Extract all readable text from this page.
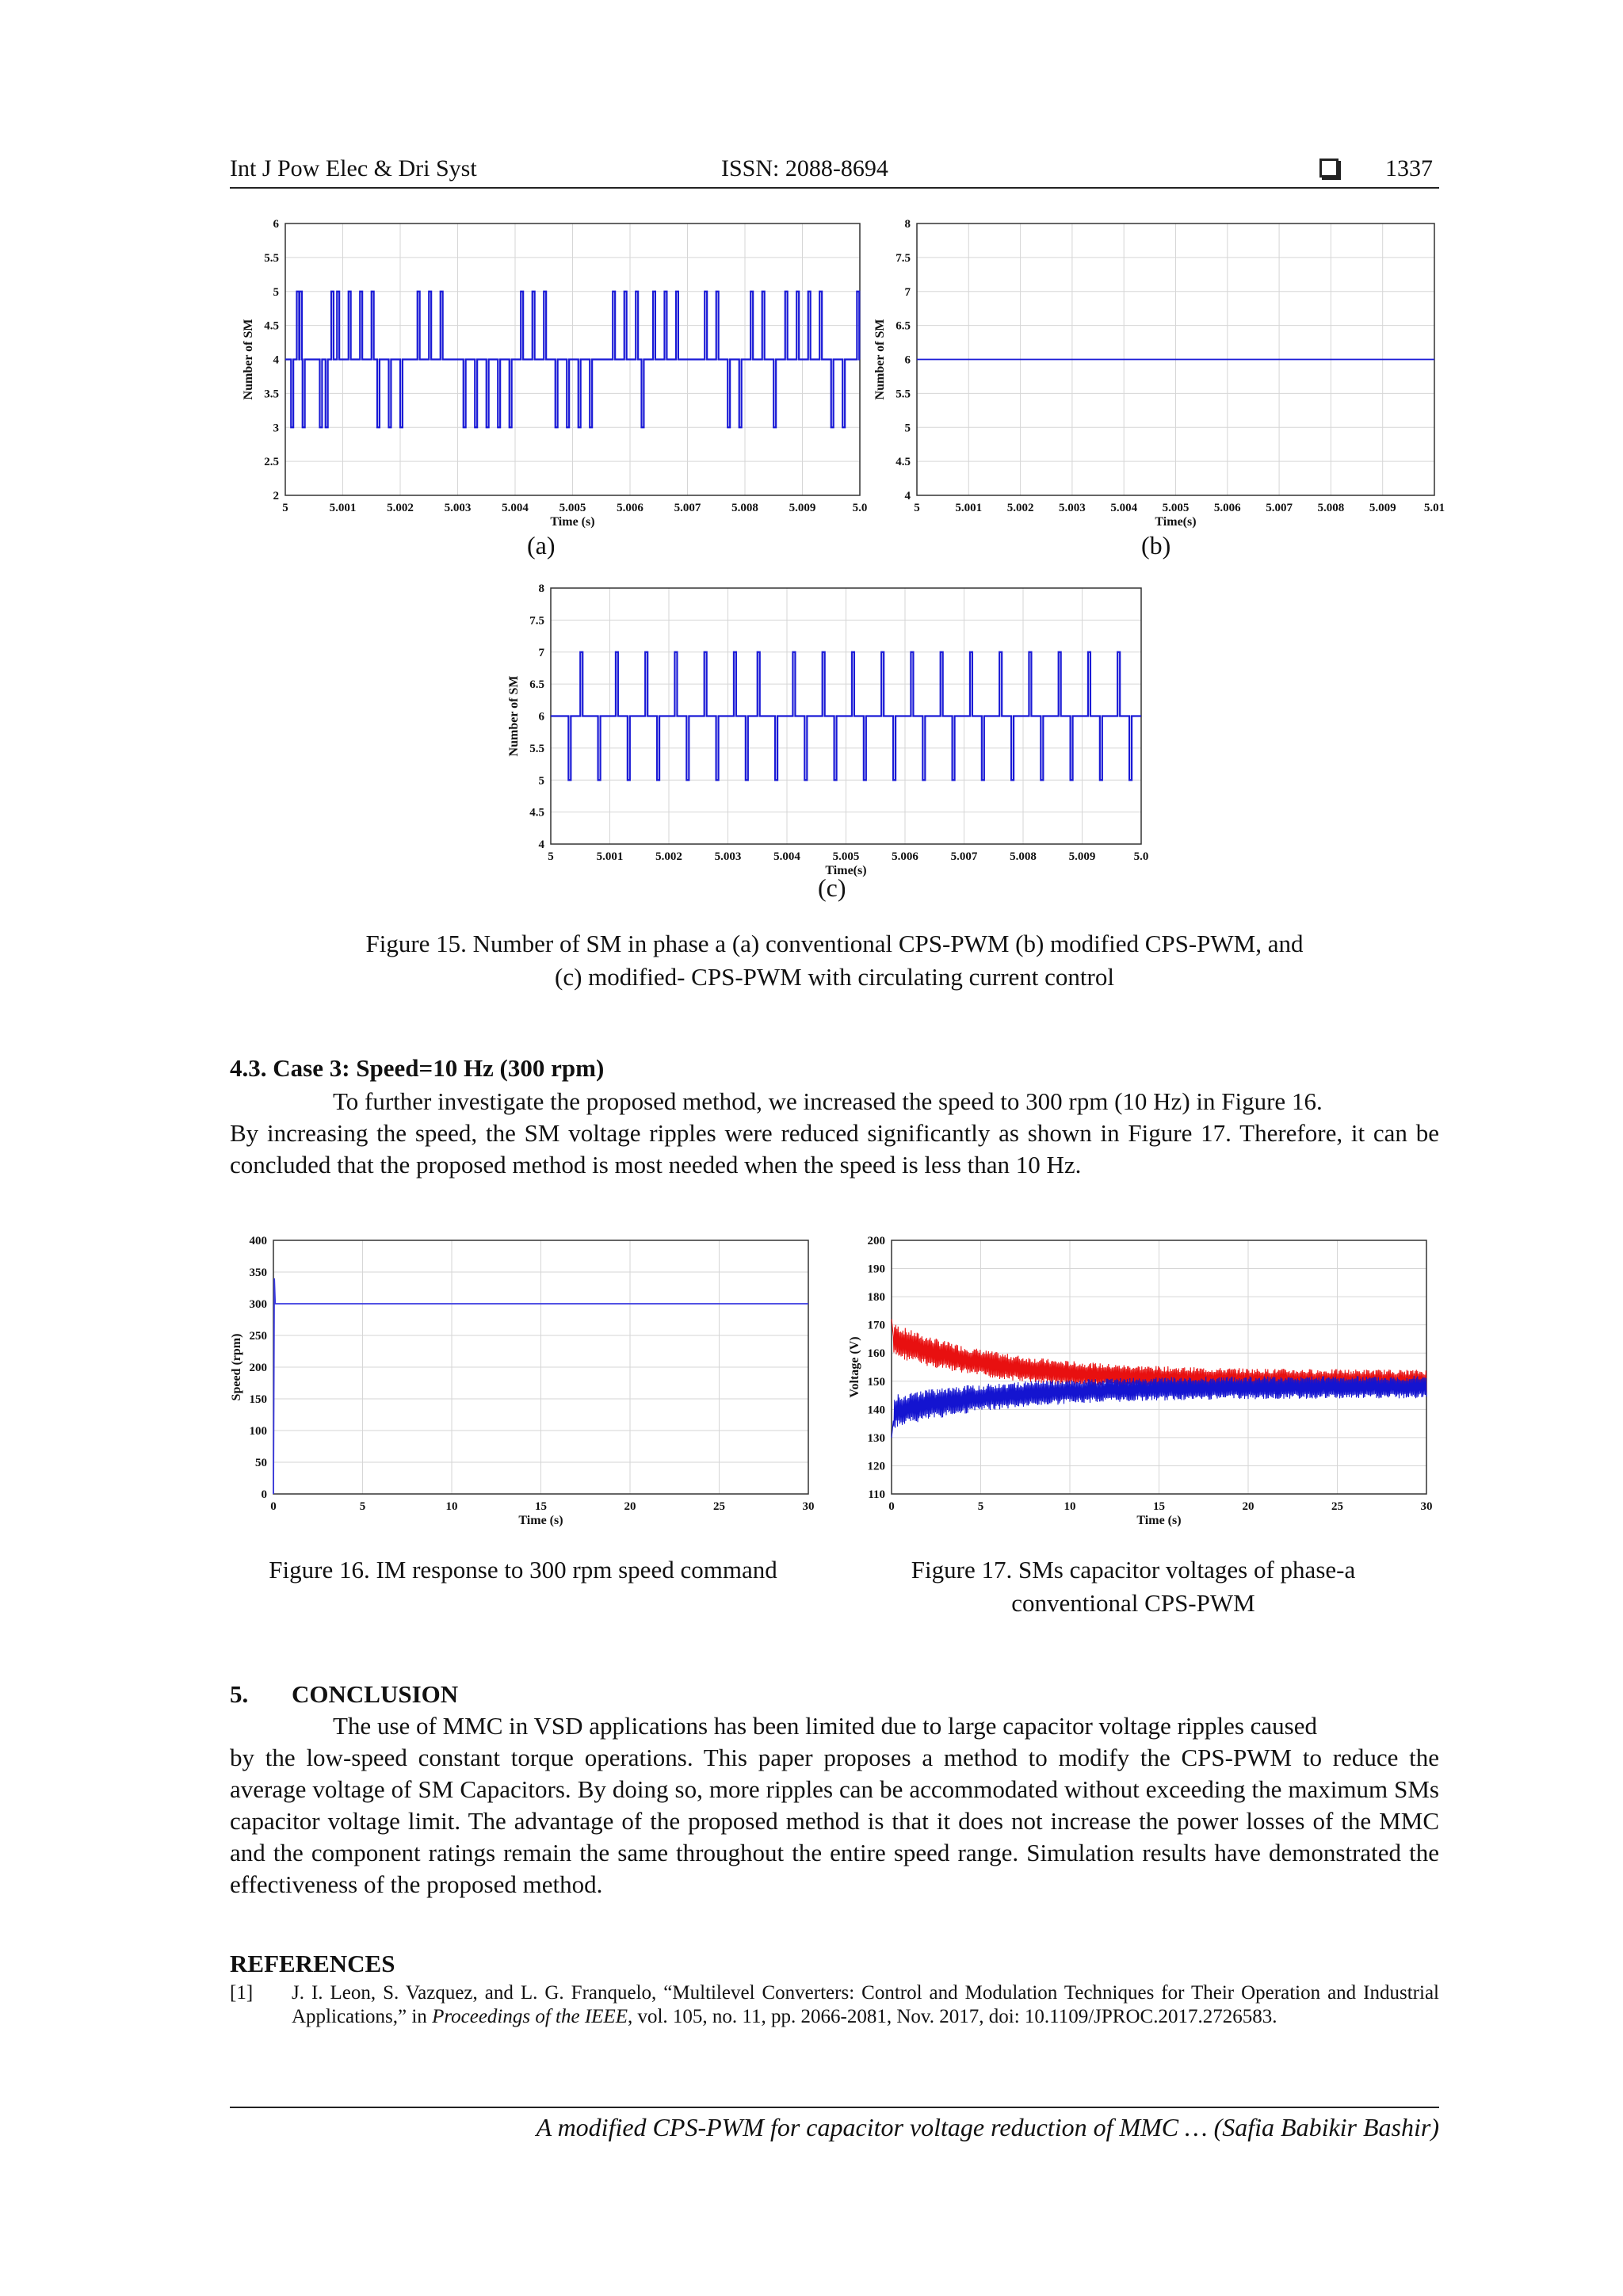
Int J Pow Elec & Dri Syst	ISSN: 2088-8694	1337
5	5.001	5.002	5.003	5.004	5.005	5.006	5.007	5.008	5.009	5.0
2
2.5
3
3.5
4
4.5
5
5.5
6
Time (s)
Number of SM
5	5.001 5.002 5.003 5.004 5.005 5.006 5.007 5.008 5.009 5.01
4
4.5
5
5.5
6
6.5
7
7.5
8
Time(s)
Number of SM
(a)	(b)
5	5.001	5.002	5.003	5.004	5.005	5.006	5.007	5.008	5.009	5.0
4
4.5
5
5.5
6
6.5
7
7.5
8
Time(s)
Number of SM
(c)
Figure 15. Number of SM in phase a (a) conventional CPS-PWM (b) modified CPS-PWM, and
(c) modified- CPS-PWM with circulating current control
4.3. Case 3: Speed=10 Hz (300 rpm)
To further investigate the proposed method, we increased the speed to 300 rpm (10 Hz) in Figure 16.
By increasing the speed, the SM voltage ripples were reduced significantly as shown in Figure 17. Therefore, it can be concluded that the proposed method is most needed when the speed is less than 10 Hz.
0	5	10	15	20	25	30
0
50
100
150
200
250
300
350
400
Time (s)
Speed (rpm)
0	5	10	15	20	25	30
110
120
130
140
150
160
170
180
190
200
Time (s)
Voltage (V)
Figure 16. IM response to 300 rpm speed command	Figure 17. SMs capacitor voltages of phase-a
conventional CPS-PWM
5. CONCLUSION
The use of MMC in VSD applications has been limited due to large capacitor voltage ripples caused
by the low-speed constant torque operations. This paper proposes a method to modify the CPS-PWM to reduce the average voltage of SM Capacitors. By doing so, more ripples can be accommodated without exceeding the maximum SMs capacitor voltage limit. The advantage of the proposed method is that it does not increase the power losses of the MMC and the component ratings remain the same throughout the entire speed range. Simulation results have demonstrated the effectiveness of the proposed method.
REFERENCES
[1]	J. I. Leon, S. Vazquez, and L. G. Franquelo, “Multilevel Converters: Control and Modulation Techniques for Their Operation and Industrial Applications,” in Proceedings of the IEEE, vol. 105, no. 11, pp. 2066-2081, Nov. 2017, doi: 10.1109/JPROC.2017.2726583.
A modified CPS-PWM for capacitor voltage reduction of MMC … (Safia Babikir Bashir)
